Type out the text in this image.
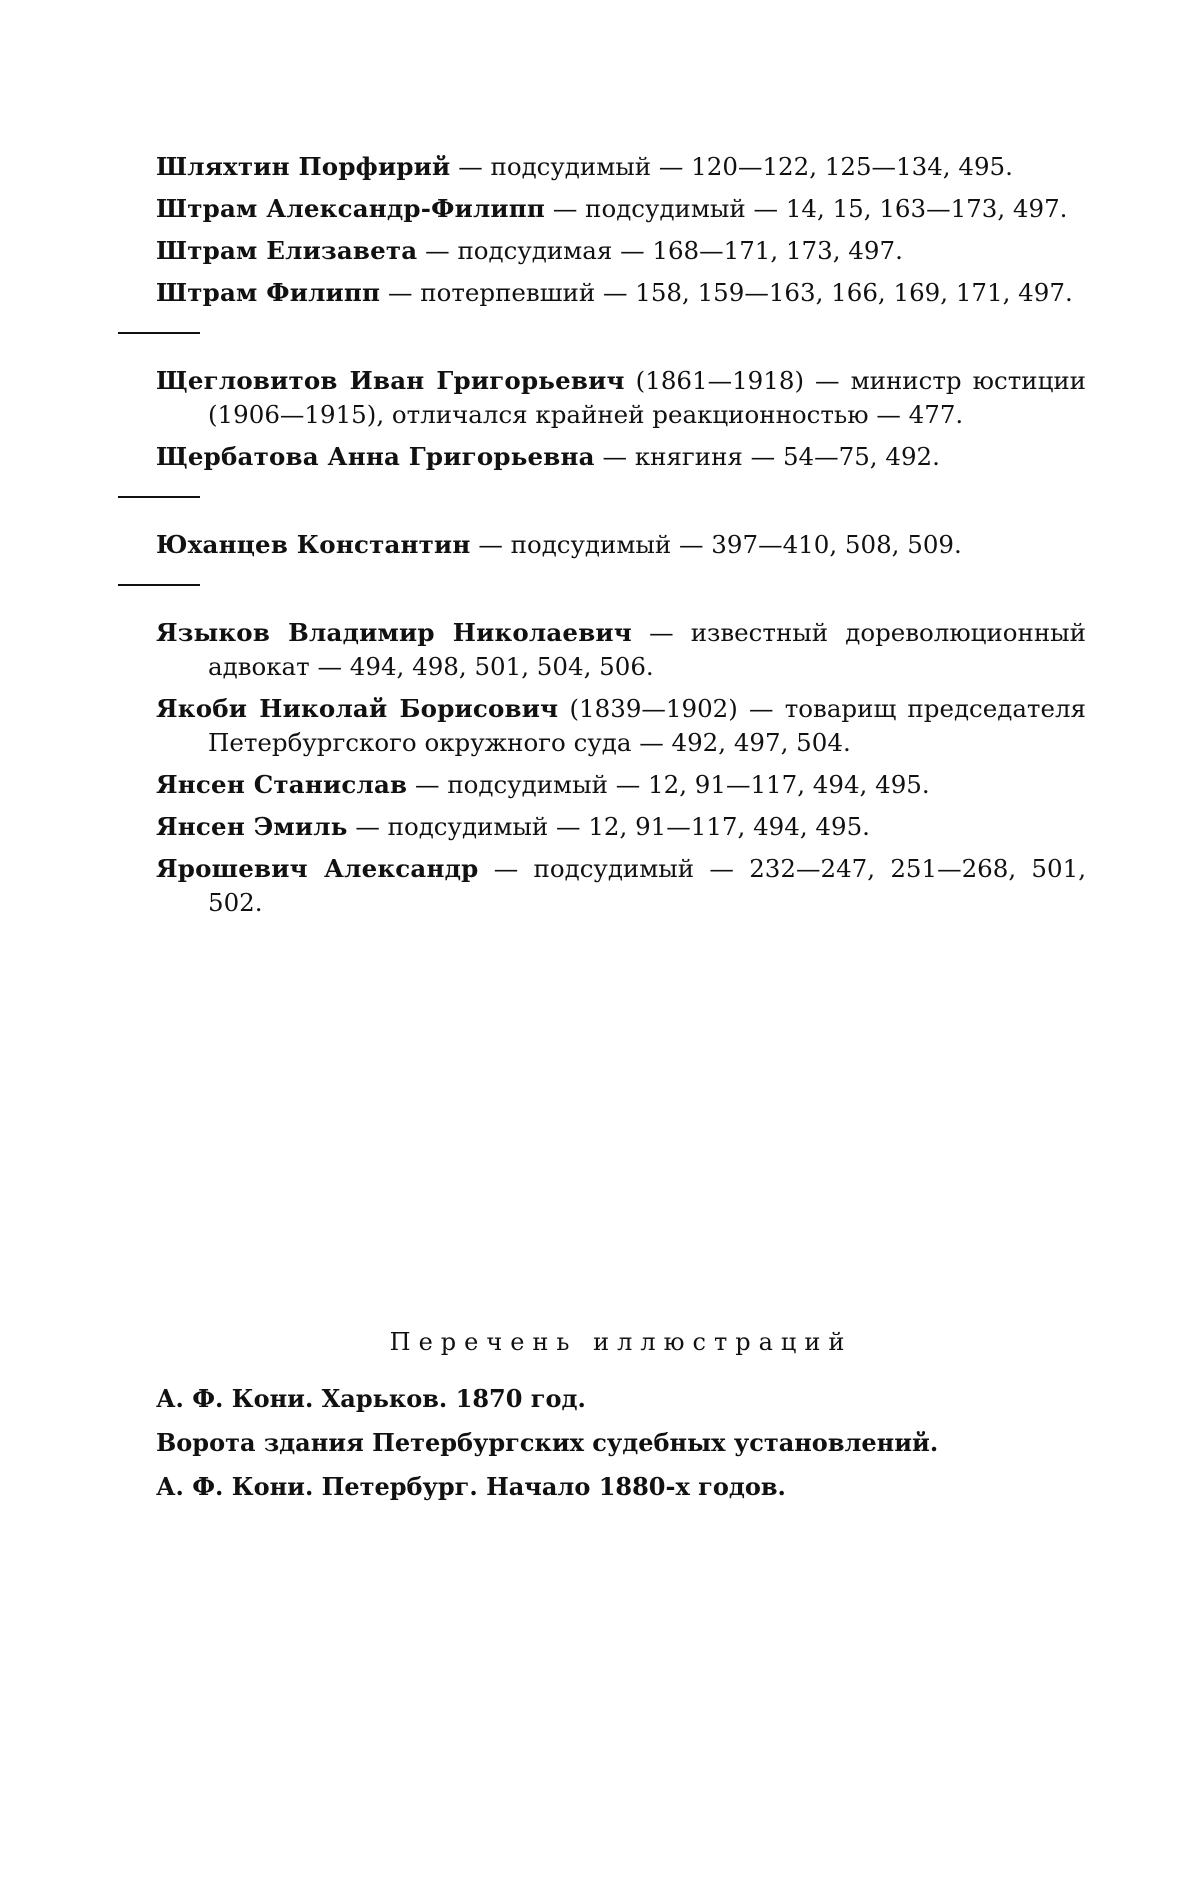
Шляхтин Порфирий — подсудимый — 120—122, 125—134, 495.

Штрам Александр-Филипп — подсудимый — 14, 15, 163—173, 497.

Штрам Елизавета — подсудимая — 168—171, 173, 497.

Штрам Филипп — потерпевший — 158, 159—163, 166, 169, 171, 497.

Щегловитов Иван Григорьевич (1861—1918) — министр юстиции (1906—1915), отличался крайней реакционностью — 477.

Щербатова Анна Григорьевна — княгиня — 54—75, 492.

Юханцев Константин — подсудимый — 397—410, 508, 509.

Языков Владимир Николаевич — известный дореволюционный адвокат — 494, 498, 501, 504, 506.

Якоби Николай Борисович (1839—1902) — товарищ председателя Петербургского окружного суда — 492, 497, 504.

Янсен Станислав — подсудимый — 12, 91—117, 494, 495.

Янсен Эмиль — подсудимый — 12, 91—117, 494, 495.

Ярошевич Александр — подсудимый — 232—247, 251—268, 501, 502.

Перечень иллюстраций

А. Ф. Кони. Харьков. 1870 год.

Ворота здания Петербургских судебных установлений.

А. Ф. Кони. Петербург. Начало 1880-х годов.
